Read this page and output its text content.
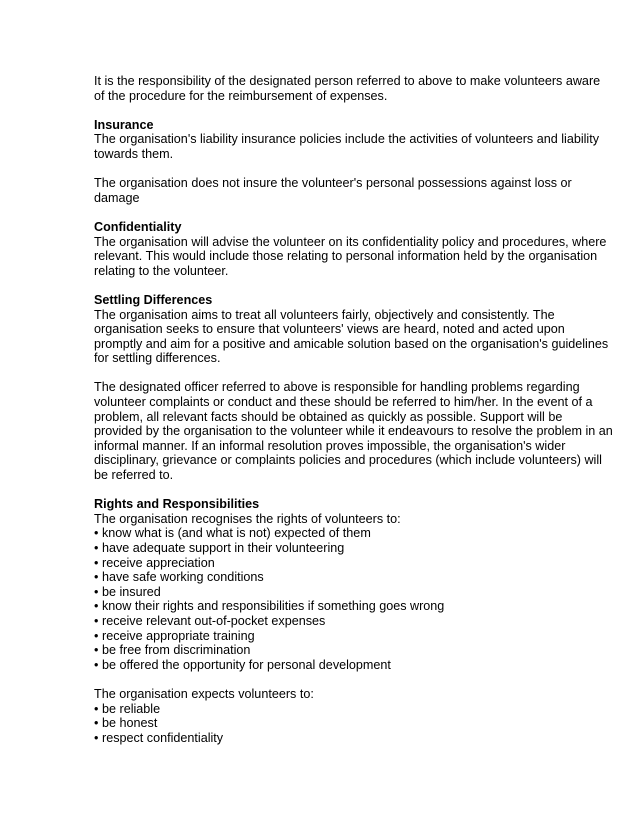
It is the responsibility of the designated person referred to above to make volunteers aware of the procedure for the reimbursement of expenses.

Insurance
The organisation's liability insurance policies include the activities of volunteers and liability towards them.

The organisation does not insure the volunteer's personal possessions against loss or damage

Confidentiality
The organisation will advise the volunteer on its confidentiality policy and procedures, where relevant. This would include those relating to personal information held by the organisation relating to the volunteer.
Settling Differences
The organisation aims to treat all volunteers fairly, objectively and consistently. The organisation seeks to ensure that volunteers' views are heard, noted and acted upon promptly and aim for a positive and amicable solution based on the organisation's guidelines for settling differences.

The designated officer referred to above is responsible for handling problems regarding volunteer complaints or conduct and these should be referred to him/her. In the event of a problem, all relevant facts should be obtained as quickly as possible. Support will be provided by the organisation to the volunteer while it endeavours to resolve the problem in an informal manner. If an informal resolution proves impossible, the organisation's wider disciplinary, grievance or complaints policies and procedures (which include volunteers) will be referred to.

Rights and Responsibilities
The organisation recognises the rights of volunteers to:
• know what is (and what is not) expected of them
• have adequate support in their volunteering
• receive appreciation
• have safe working conditions
• be insured
• know their rights and responsibilities if something goes wrong
• receive relevant out-of-pocket expenses
• receive appropriate training
• be free from discrimination
• be offered the opportunity for personal development
The organisation expects volunteers to:
• be reliable
• be honest
• respect confidentiality
